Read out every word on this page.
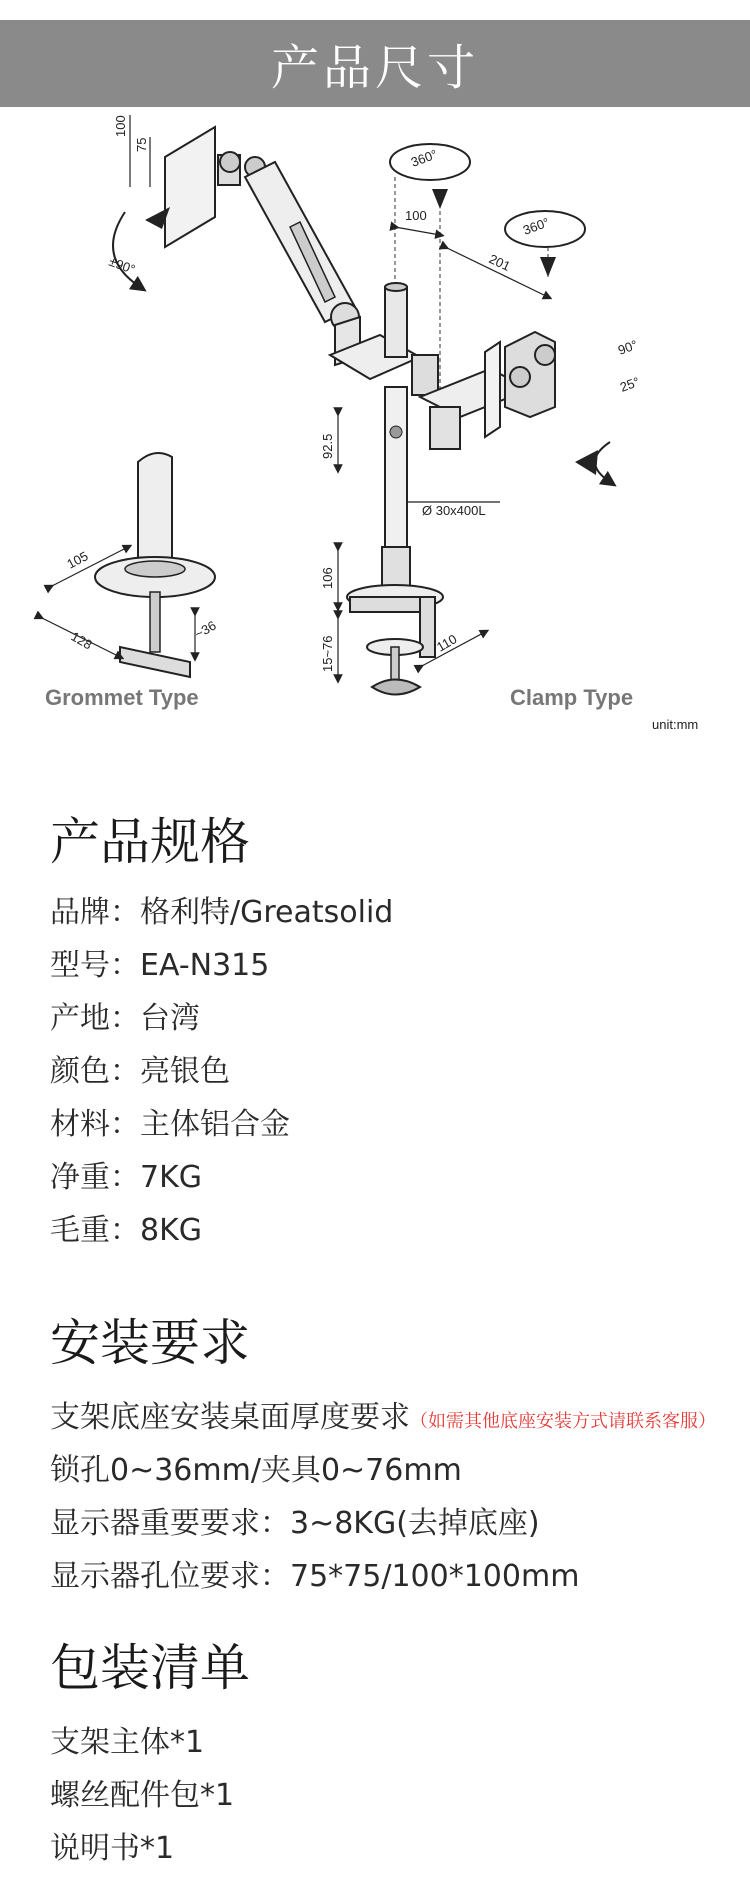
产品尺寸
100
75
100
201
92.5
Ø 30x400L
106
15~76	110
105
128	~36
360°
360°
±90°
90°
25°
Grommet Type	Clamp Type
unit:mm
产品规格
品牌：格利特/Greatsolid
型号：EA-N315
产地：台湾
颜色：亮银色
材料：主体铝合金
净重：7KG
毛重：8KG
安装要求
支架底座安装桌面厚度要求（如需其他底座安装方式请联系客服）
锁孔0~36mm/夹具0~76mm
显示器重要要求：3~8KG(去掉底座)
显示器孔位要求：75*75/100*100mm
包装清单
支架主体*1
螺丝配件包*1
说明书*1
